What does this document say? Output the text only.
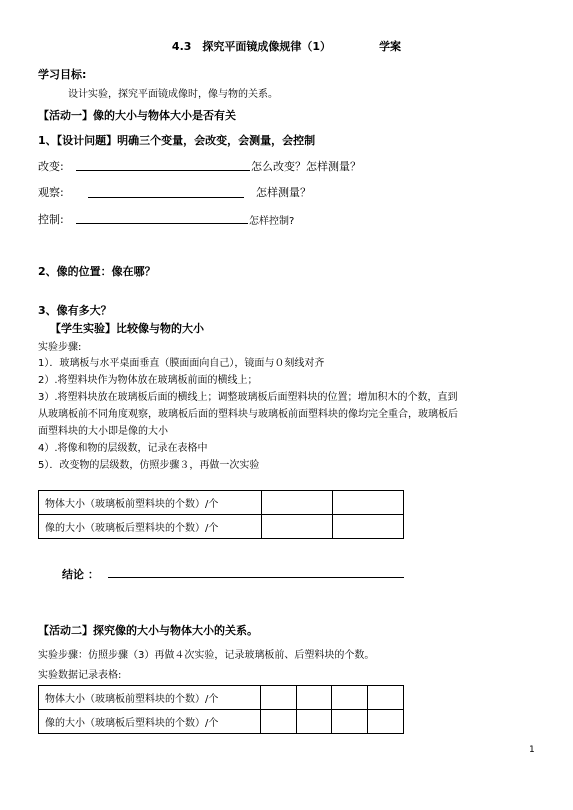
4.3　探究平面镜成像规律（1）	学案
学习目标:
设计实验，探究平面镜成像时，像与物的关系。
【活动一】像的大小与物体大小是否有关
1、【设计问题】明确三个变量，会改变，会测量，会控制
改变:	怎么改变？怎样测量？
观察:	怎样测量？
控制:	怎样控制?
2、像的位置：像在哪？
3、像有多大？
【学生实验】比较像与物的大小
实验步骤:
1）．玻璃板与水平桌面垂直（膜面面向自己），镜面与０刻线对齐
2）.将塑料块作为物体放在玻璃板前面的横线上；
3）.将塑料块放在玻璃板后面的横线上；调整玻璃板后面塑料块的位置；增加积木的个数，直到
从玻璃板前不同角度观察，玻璃板后面的塑料块与玻璃板前面塑料块的像均完全重合，玻璃板后
面塑料块的大小即是像的大小
4）.将像和物的层级数，记录在表格中
5）．改变物的层级数，仿照步骤３，再做一次实验
物体大小（玻璃板前塑料块的个数）/个		
像的大小（玻璃板后塑料块的个数）/个		
结论 ：
【活动二】探究像的大小与物体大小的关系。
实验步骤：仿照步骤（3）再做４次实验，记录玻璃板前、后塑料块的个数。
实验数据记录表格:
物体大小（玻璃板前塑料块的个数）/个				
像的大小（玻璃板后塑料块的个数）/个				
1
